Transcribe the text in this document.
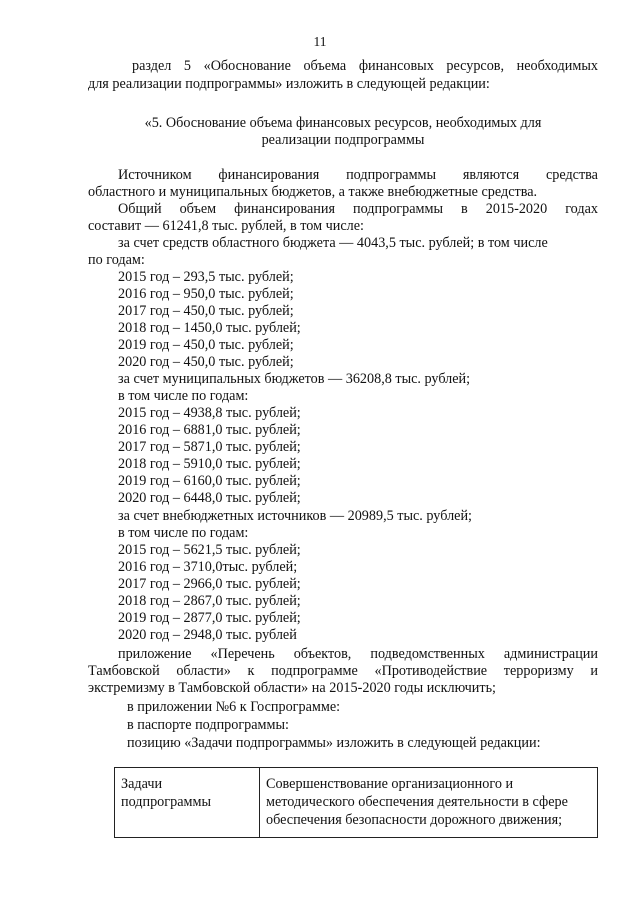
11
раздел 5 «Обоснование объема финансовых ресурсов, необходимых
для реализации подпрограммы» изложить в следующей редакции:
«5. Обоснование объема финансовых ресурсов, необходимых для
реализации подпрограммы
Источником финансирования подпрограммы являются средства
областного и муниципальных бюджетов, а также внебюджетные средства.
Общий объем финансирования подпрограммы в 2015-2020 годах
составит — 61241,8 тыс. рублей, в том числе:
за счет средств областного бюджета — 4043,5 тыс. рублей; в том числе
по годам:
2015 год – 293,5 тыс. рублей;
2016 год – 950,0 тыс. рублей;
2017 год – 450,0 тыс. рублей;
2018 год – 1450,0 тыс. рублей;
2019 год – 450,0 тыс. рублей;
2020 год – 450,0 тыс. рублей;
за счет муниципальных бюджетов — 36208,8 тыс. рублей;
в том числе по годам:
2015 год – 4938,8 тыс. рублей;
2016 год – 6881,0 тыс. рублей;
2017 год – 5871,0 тыс. рублей;
2018 год – 5910,0 тыс. рублей;
2019 год – 6160,0 тыс. рублей;
2020 год – 6448,0 тыс. рублей;
за счет внебюджетных источников — 20989,5 тыс. рублей;
в том числе по годам:
2015 год – 5621,5 тыс. рублей;
2016 год – 3710,0тыс. рублей;
2017 год – 2966,0 тыс. рублей;
2018 год – 2867,0 тыс. рублей;
2019 год – 2877,0 тыс. рублей;
2020 год – 2948,0 тыс. рублей
приложение «Перечень объектов, подведомственных администрации
Тамбовской области» к подпрограмме «Противодействие терроризму и
экстремизму в Тамбовской области» на 2015-2020 годы исключить;
в приложении №6 к Госпрограмме:
в паспорте подпрограммы:
позицию «Задачи подпрограммы» изложить в следующей редакции:
Задачи
подпрограммы

Совершенствование организационного и
методического обеспечения деятельности в сфере
обеспечения безопасности дорожного движения;
